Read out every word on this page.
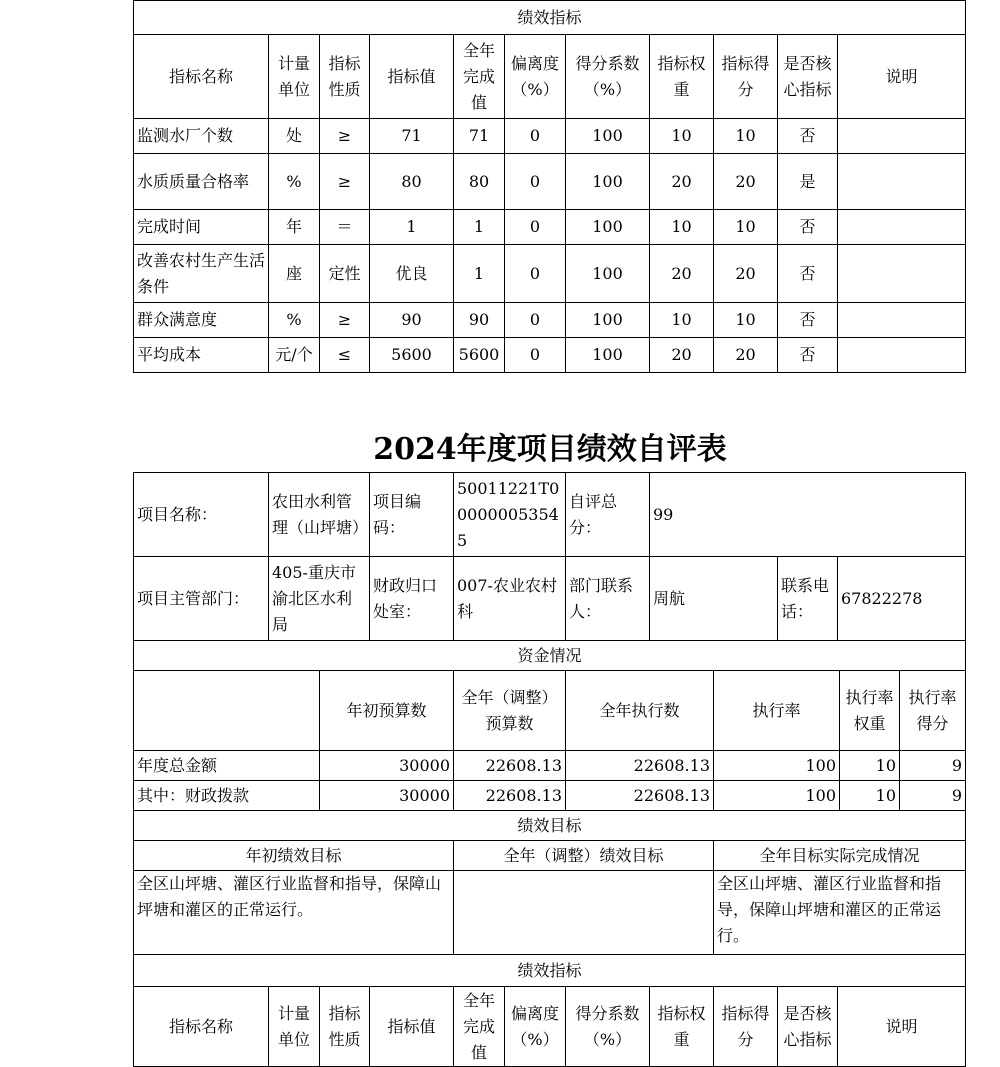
绩效指标										
指标名称	计量单位	指标性质	指标值	全年完成值	偏离度（%）	得分系数（%）	指标权重	指标得分	是否核心指标	说明
监测水厂个数	处	≥	71	71	0	100	10	10	否	
水质质量合格率	%	≥	80	80	0	100	20	20	是	
完成时间	年	＝	1	1	0	100	10	10	否	
改善农村生产生活条件	座	定性	优良	1	0	100	20	20	否	
群众满意度	%	≥	90	90	0	100	10	10	否	
平均成本	元/个	≤	5600	5600	0	100	20	20	否	
2024年度项目绩效自评表
项目名称：	农田水利管理（山坪塘）	项目编码：	50011221T000000053545	自评总分：	99		
项目主管部门：	405-重庆市渝北区水利局	财政归口处室：	007-农业农村科	部门联系人：	周航	联系电话：	67822278
资金情况						
	年初预算数	全年（调整）预算数	全年执行数	执行率	执行率权重	执行率得分
年度总金额	30000	22608.13	22608.13	100	10	9
其中：财政拨款	30000	22608.13	22608.13	100	10	9
绩效目标		
年初绩效目标	全年（调整）绩效目标	全年目标实际完成情况
全区山坪塘、灌区行业监督和指导，保障山坪塘和灌区的正常运行。		全区山坪塘、灌区行业监督和指导，保障山坪塘和灌区的正常运行。
绩效指标
指标名称	计量单位	指标性质	指标值	全年完成值	偏离度（%）	得分系数（%）	指标权重	指标得分	是否核心指标	说明
